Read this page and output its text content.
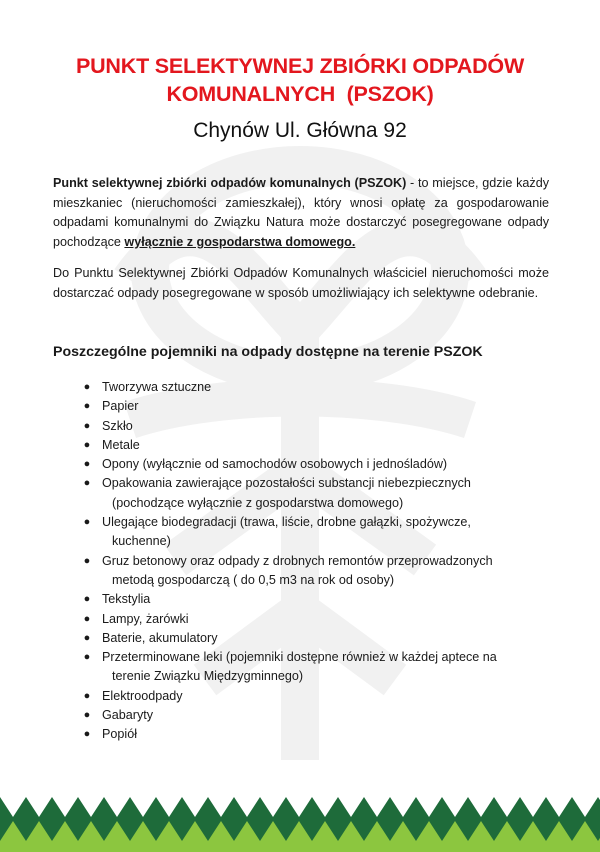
PUNKT SELEKTYWNEJ ZBIÓRKI ODPADÓW
KOMUNALNYCH  (PSZOK)
Chynów Ul. Główna 92
Punkt selektywnej zbiórki odpadów komunalnych (PSZOK) - to miejsce, gdzie każdy mieszkaniec (nieruchomości zamieszkałej), który wnosi opłatę za gospodarowanie odpadami komunalnymi do Związku Natura może dostarczyć posegregowane odpady pochodzące wyłącznie z gospodarstwa domowego.
Do Punktu Selektywnej Zbiórki Odpadów Komunalnych właściciel nieruchomości może dostarczać odpady posegregowane w sposób umożliwiający ich selektywne odebranie.
Poszczególne pojemniki na odpady dostępne na terenie PSZOK
● Tworzywa sztuczne
● Papier
● Szkło
● Metale
● Opony (wyłącznie od samochodów osobowych i jednośladów)
● Opakowania zawierające pozostałości substancji niebezpiecznych
(pochodzące wyłącznie z gospodarstwa domowego)
● Ulegające biodegradacji (trawa, liście, drobne gałązki, spożywcze,
kuchenne)
● Gruz betonowy oraz odpady z drobnych remontów przeprowadzonych
metodą gospodarczą ( do 0,5 m3 na rok od osoby)
● Tekstylia
● Lampy, żarówki
● Baterie, akumulatory
● Przeterminowane leki (pojemniki dostępne również w każdej aptece na
terenie Związku Międzygminnego)
● Elektroodpady
● Gabaryty
● Popiół
